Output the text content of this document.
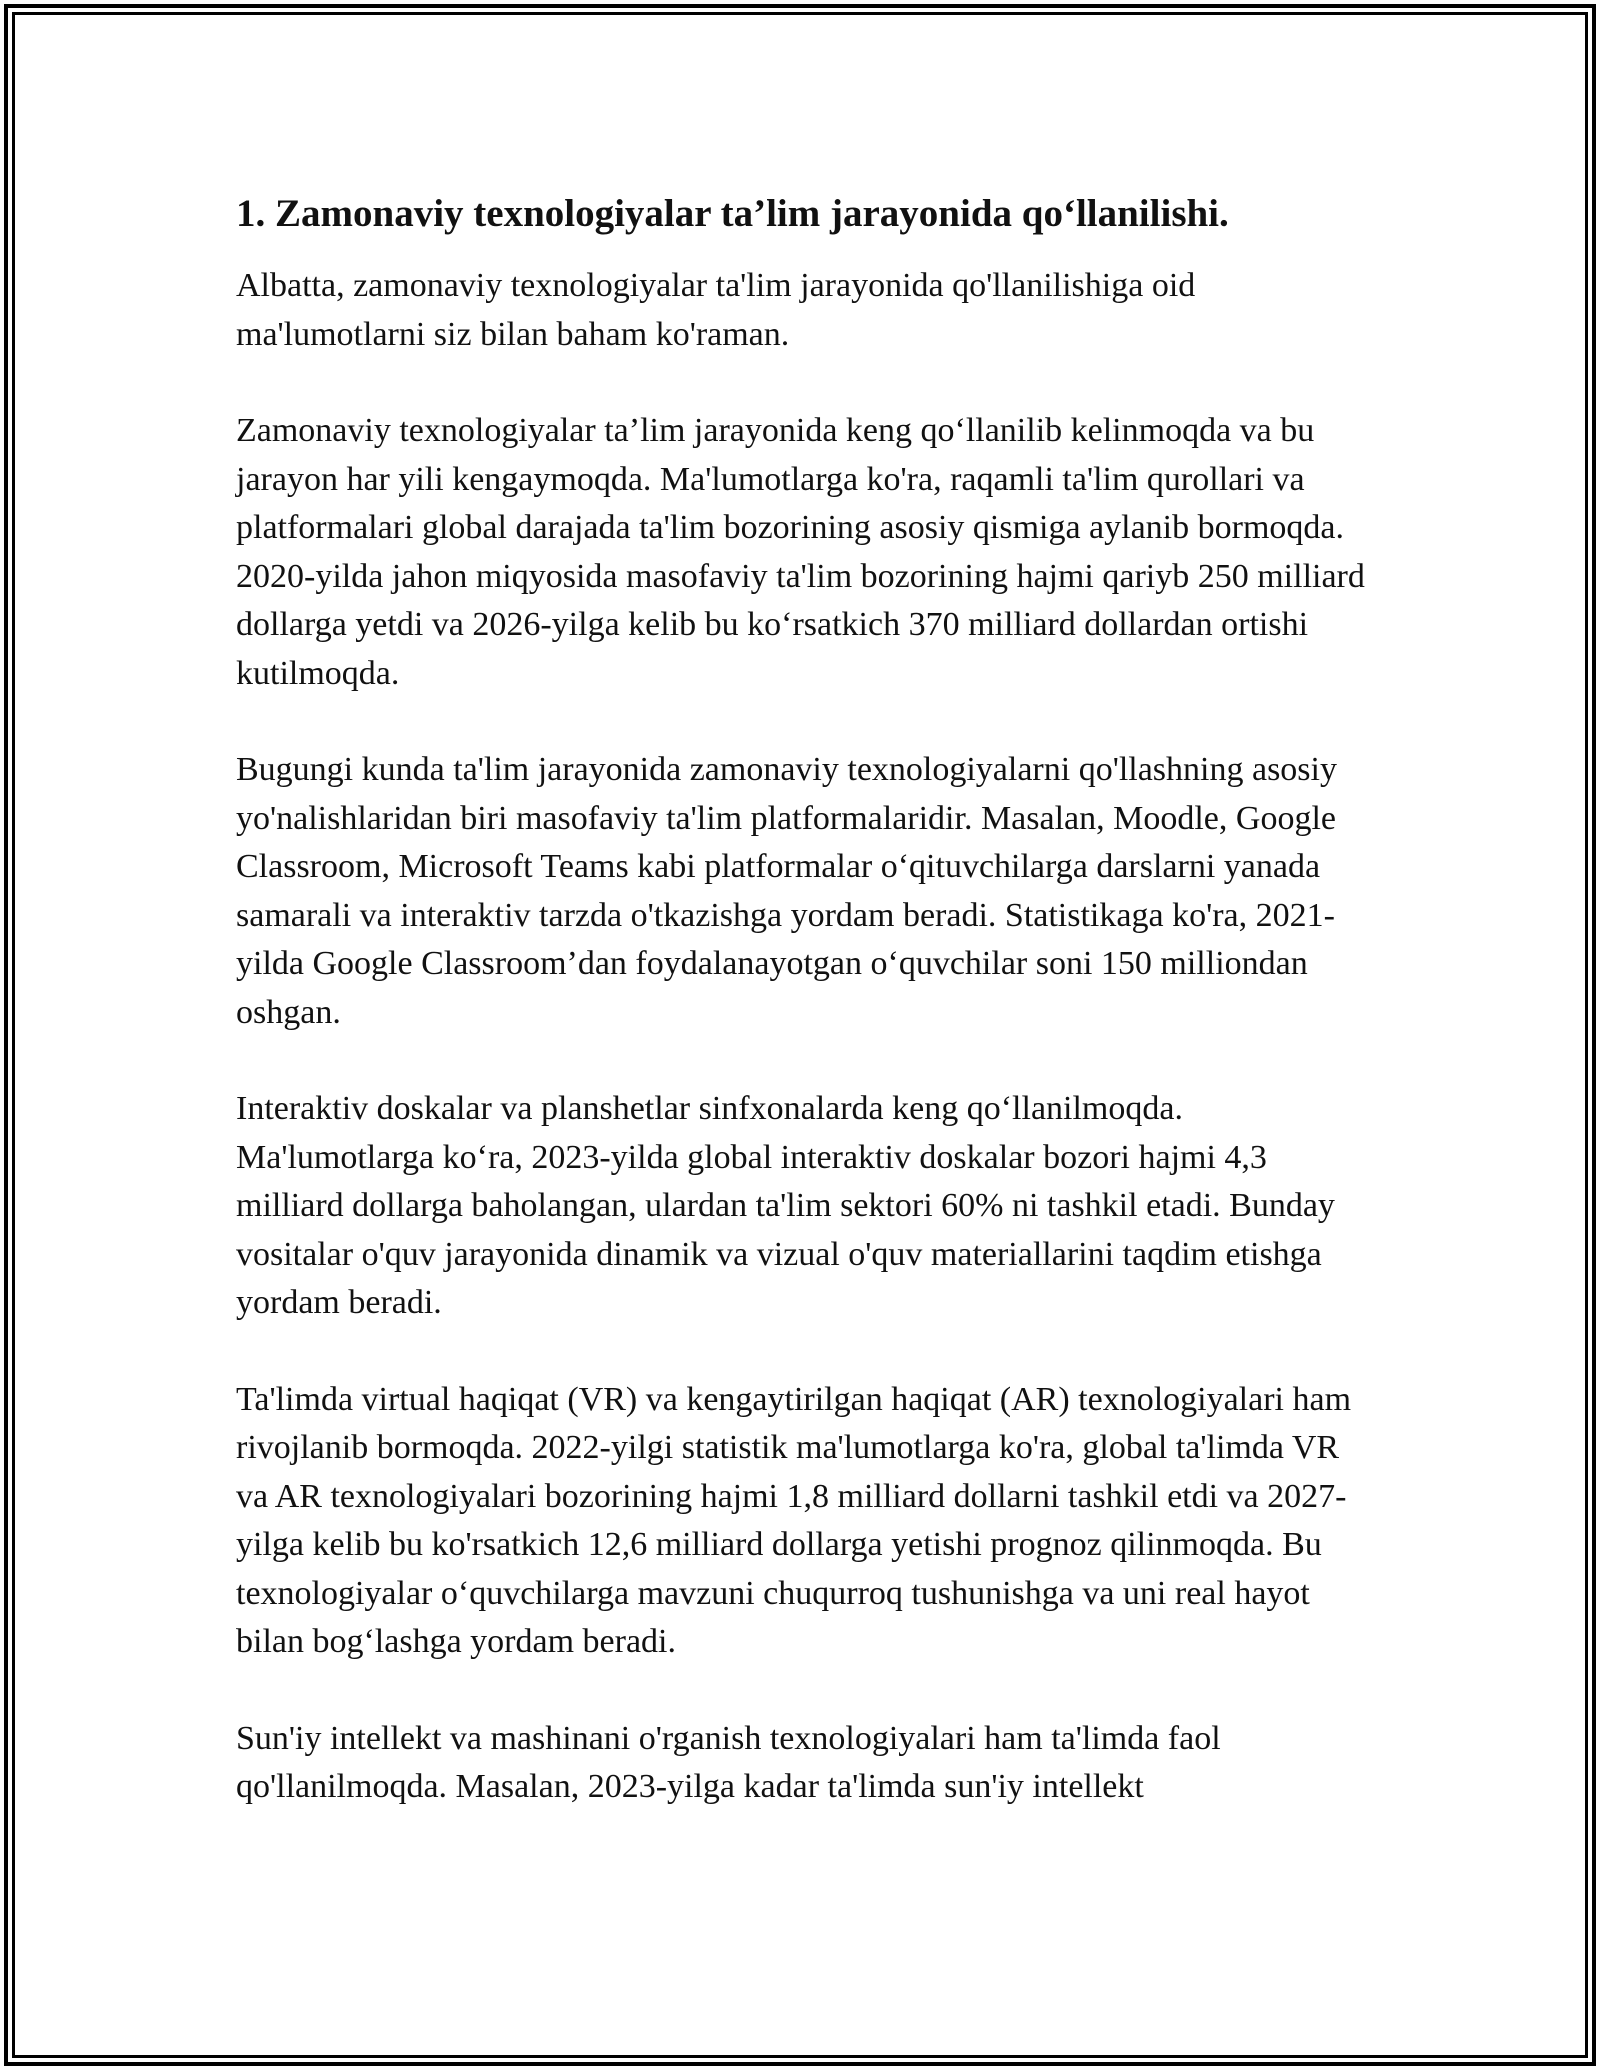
1. Zamonaviy texnologiyalar ta’lim jarayonida qo‘llanilishi.

Albatta, zamonaviy texnologiyalar ta'lim jarayonida qo'llanilishiga oid ma'lumotlarni siz bilan baham ko'raman.

Zamonaviy texnologiyalar ta’lim jarayonida keng qo‘llanilib kelinmoqda va bu jarayon har yili kengaymoqda. Ma'lumotlarga ko'ra, raqamli ta'lim qurollari va platformalari global darajada ta'lim bozorining asosiy qismiga aylanib bormoqda. 2020-yilda jahon miqyosida masofaviy ta'lim bozorining hajmi qariyb 250 milliard dollarga yetdi va 2026-yilga kelib bu ko‘rsatkich 370 milliard dollardan ortishi kutilmoqda.

Bugungi kunda ta'lim jarayonida zamonaviy texnologiyalarni qo'llashning asosiy yo'nalishlaridan biri masofaviy ta'lim platformalaridir. Masalan, Moodle, Google Classroom, Microsoft Teams kabi platformalar o‘qituvchilarga darslarni yanada samarali va interaktiv tarzda o'tkazishga yordam beradi. Statistikaga ko'ra, 2021-yilda Google Classroom’dan foydalanayotgan o‘quvchilar soni 150 milliondan oshgan.

Interaktiv doskalar va planshetlar sinfxonalarda keng qo‘llanilmoqda. Ma'lumotlarga ko‘ra, 2023-yilda global interaktiv doskalar bozori hajmi 4,3 milliard dollarga baholangan, ulardan ta'lim sektori 60% ni tashkil etadi. Bunday vositalar o'quv jarayonida dinamik va vizual o'quv materiallarini taqdim etishga yordam beradi.

Ta'limda virtual haqiqat (VR) va kengaytirilgan haqiqat (AR) texnologiyalari ham rivojlanib bormoqda. 2022-yilgi statistik ma'lumotlarga ko'ra, global ta'limda VR va AR texnologiyalari bozorining hajmi 1,8 milliard dollarni tashkil etdi va 2027-yilga kelib bu ko'rsatkich 12,6 milliard dollarga yetishi prognoz qilinmoqda. Bu texnologiyalar o‘quvchilarga mavzuni chuqurroq tushunishga va uni real hayot bilan bog‘lashga yordam beradi.

Sun'iy intellekt va mashinani o'rganish texnologiyalari ham ta'limda faol qo'llanilmoqda. Masalan, 2023-yilga kadar ta'limda sun'iy intellekt
